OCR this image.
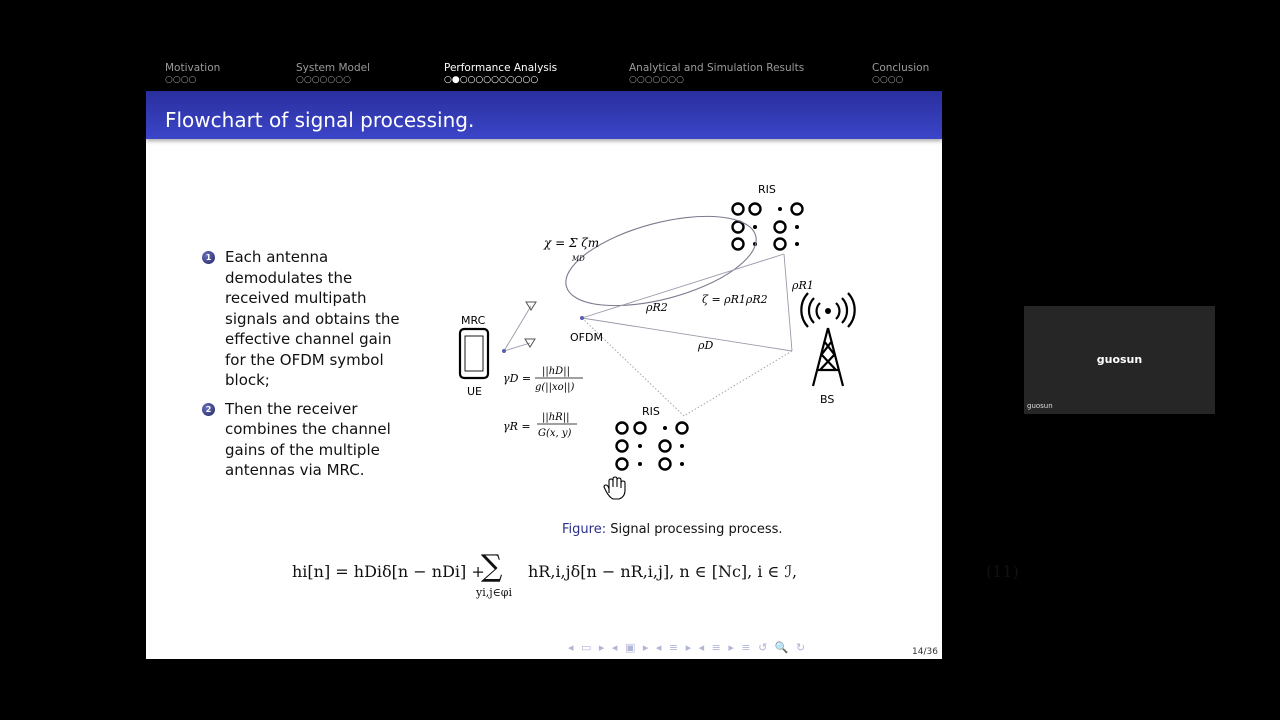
Motivation
○○○○
System Model
○○○○○○○
Performance Analysis
○●○○○○○○○○○○
Analytical and Simulation Results
○○○○○○○
Conclusion
○○○○
Flowchart of signal processing.
1 Each antenna demodulates the received multipath signals and obtains the effective channel gain for the OFDM symbol block;
2 Then the receiver combines the channel gains of the multiple antennas via MRC.
RIS
MRC
UE
OFDM
χ = Σ ζm
MD
ρR2
ζ = ρR1ρR2
ρR1
ρD
γD =
||hD||
g(||xo||)
γR =
||hR||
G(x, y)
BS
RIS
Figure: Signal processing process.
hi[n] = hDiδ[n − nDi] +
∑
yi,j∈φi
hR,i,jδ[n − nR,i,j], n ∈ [Nc], i ∈ ℐ,	(11)
◂ ▭ ▸ ◂ ▣ ▸ ◂ ≡ ▸ ◂ ≡ ▸ ≡ ↺ 🔍 ↻	14/36
guosun
guosun
